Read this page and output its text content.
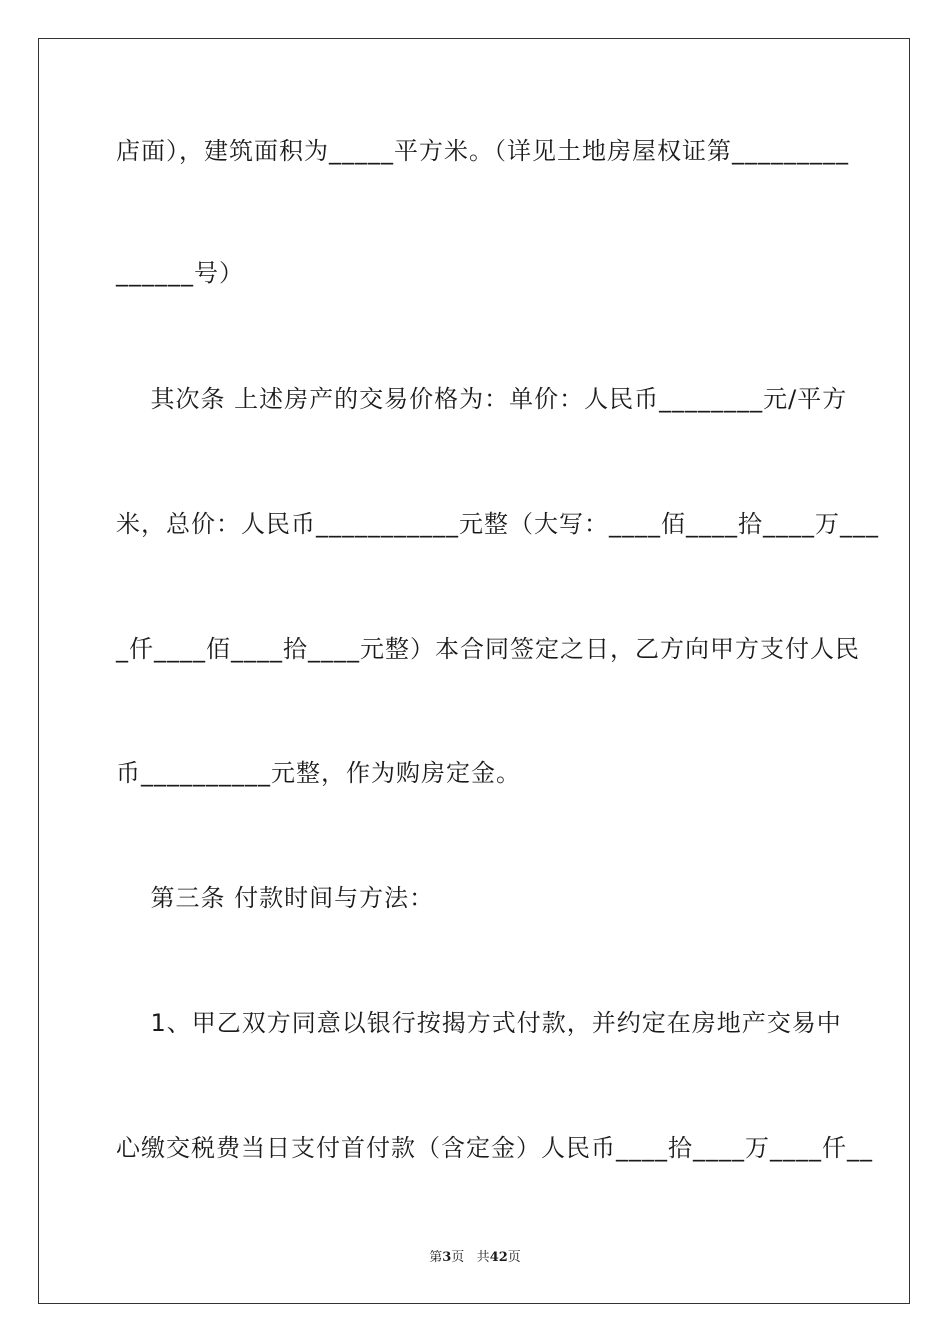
店面），建筑面积为_____平方米。（详见土地房屋权证第_________
______号）
其次条 上述房产的交易价格为：单价：人民币________元/平方
米，总价：人民币___________元整（大写：____佰____拾____万___
_仟____佰____拾____元整）本合同签定之日，乙方向甲方支付人民
币__________元整，作为购房定金。
第三条 付款时间与方法：
1、甲乙双方同意以银行按揭方式付款，并约定在房地产交易中
心缴交税费当日支付首付款（含定金）人民币____拾____万____仟__
第3页 共42页
